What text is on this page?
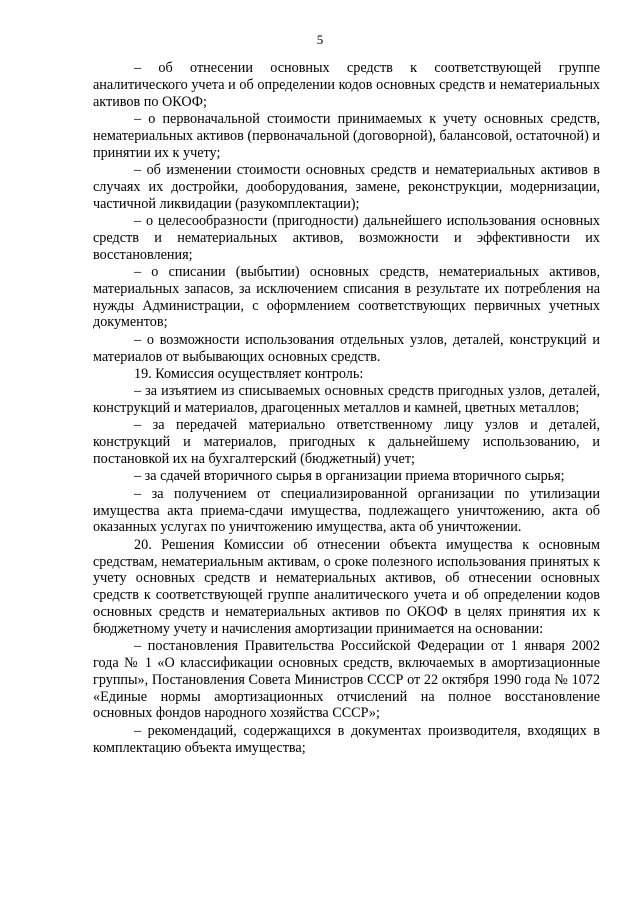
5

– об отнесении основных средств к соответствующей группе аналитического учета и об определении кодов основных средств и нематериальных активов по ОКОФ;

– о первоначальной стоимости принимаемых к учету основных средств, нематериальных активов (первоначальной (договорной), балансовой, остаточной) и принятии их к учету;

– об изменении стоимости основных средств и нематериальных активов в случаях их достройки, дооборудования, замене, реконструкции, модернизации, частичной ликвидации (разукомплектации);

– о целесообразности (пригодности) дальнейшего использования основных средств и нематериальных активов, возможности и эффективности их восстановления;

– о списании (выбытии) основных средств, нематериальных активов, материальных запасов, за исключением списания в результате их потребления на нужды Администрации, с оформлением соответствующих первичных учетных документов;

– о возможности использования отдельных узлов, деталей, конструкций и материалов от выбывающих основных средств.

19. Комиссия осуществляет контроль:

– за изъятием из списываемых основных средств пригодных узлов, деталей, конструкций и материалов, драгоценных металлов и камней, цветных металлов;

– за передачей материально ответственному лицу узлов и деталей, конструкций и материалов, пригодных к дальнейшему использованию, и постановкой их на бухгалтерский (бюджетный) учет;

– за сдачей вторичного сырья в организации приема вторичного сырья;

– за получением от специализированной организации по утилизации имущества акта приема-сдачи имущества, подлежащего уничтожению, акта об оказанных услугах по уничтожению имущества, акта об уничтожении.

20. Решения Комиссии об отнесении объекта имущества к основным средствам, нематериальным активам, о сроке полезного использования принятых к учету основных средств и нематериальных активов, об отнесении основных средств к соответствующей группе аналитического учета и об определении кодов основных средств и нематериальных активов по ОКОФ в целях принятия их к бюджетному учету и начисления амортизации принимается на основании:

– постановления Правительства Российской Федерации от 1 января 2002 года № 1 «О классификации основных средств, включаемых в амортизационные группы», Постановления Совета Министров СССР от 22 октября 1990 года № 1072 «Единые нормы амортизационных отчислений на полное восстановление основных фондов народного хозяйства СССР»;

– рекомендаций, содержащихся в документах производителя, входящих в комплектацию объекта имущества;
